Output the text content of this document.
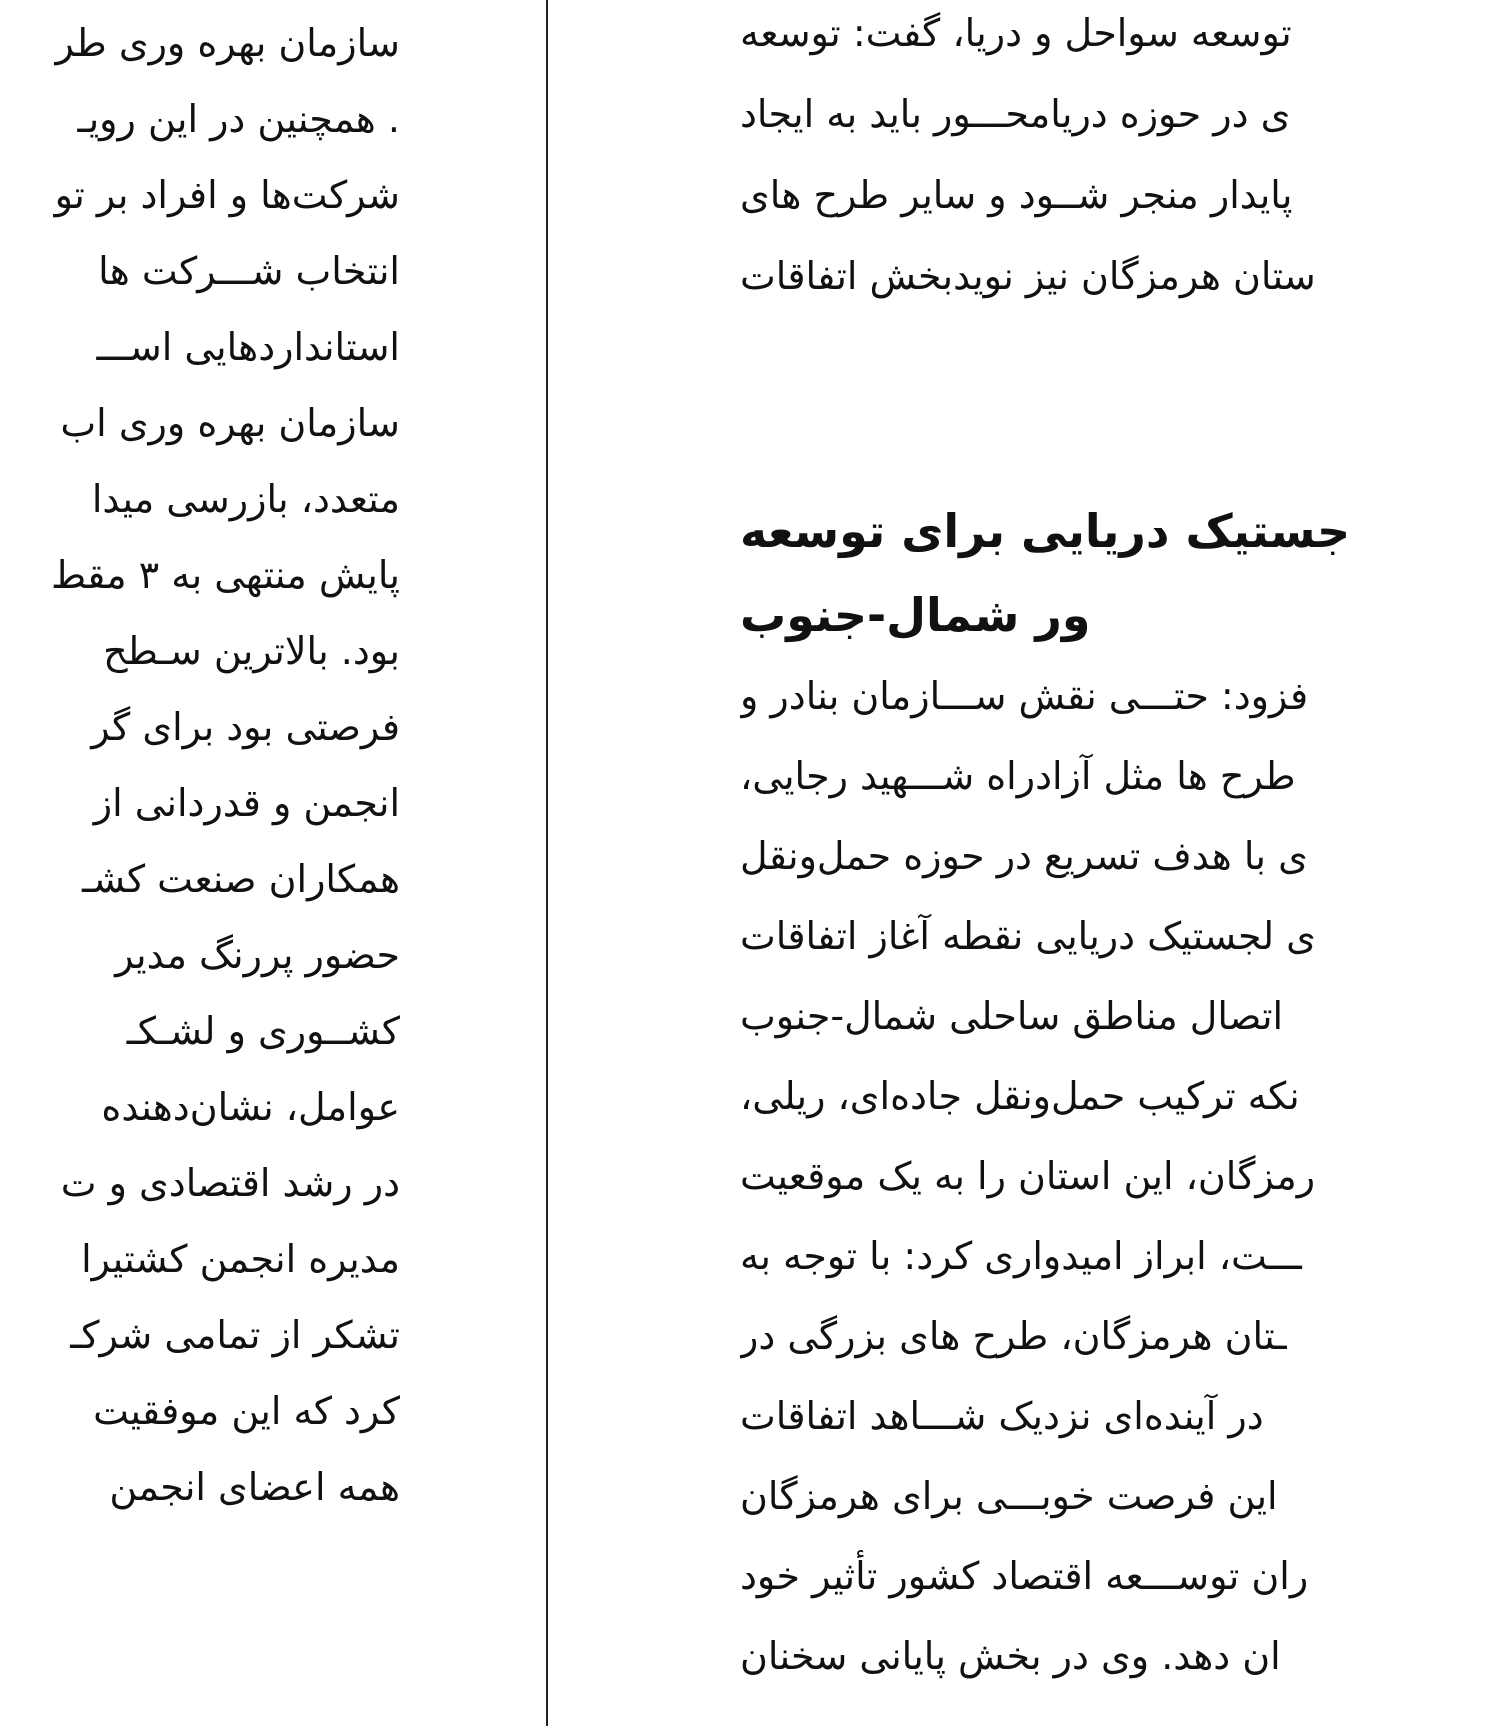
سازمان بهره وری طر
. همچنین در این رویـ
شرکت‌ها و افراد بر تو
انتخاب شـــرکت ها
استانداردهایی اســـ
سازمان بهره وری اب
متعدد، بازرسی میدا
پایش منتهی به ۳ مقط
بود. بالاترین سـطح
فرصتی بود برای گر
انجمن و قدردانی از
همکاران صنعت کشـ
حضور پررنگ مدیر
کشــوری و لشـکـ
عوامل، نشان‌دهنده
در رشد اقتصادی و ت
مدیره انجمن کشتیرا
تشکر از تمامی شرکـ
کرد که این موفقیت
همه اعضای انجمن
توسعه سواحل و دریا، گفت: توسعه
ی در حوزه دریامحـــور باید به ایجاد
پایدار منجر شــود و سایر طرح های
ستان هرمزگان نیز نویدبخش اتفاقات
جستیک دریایی برای توسعه
ور شمال-جنوب
فزود: حتـــی نقش ســـازمان بنادر و
طرح ها مثل آزادراه شـــهید رجایی،
ی با هدف تسریع در حوزه حمل‌ونقل
ی لجستیک دریایی نقطه آغاز اتفاقات
اتصال مناطق ساحلی شمال-جنوب
نکه ترکیب حمل‌ونقل جاده‌ای، ریلی،
رمزگان، این استان را به یک موقعیت
ـــت، ابراز امیدواری کرد: با توجه به
ـتان هرمزگان، طرح های بزرگی در
در آینده‌ای نزدیک شـــاهد اتفاقات
این فرصت خوبـــی برای هرمزگان
ران توســـعه اقتصاد کشور تأثیر خود
ان دهد. وی در بخش پایانی سخنان
